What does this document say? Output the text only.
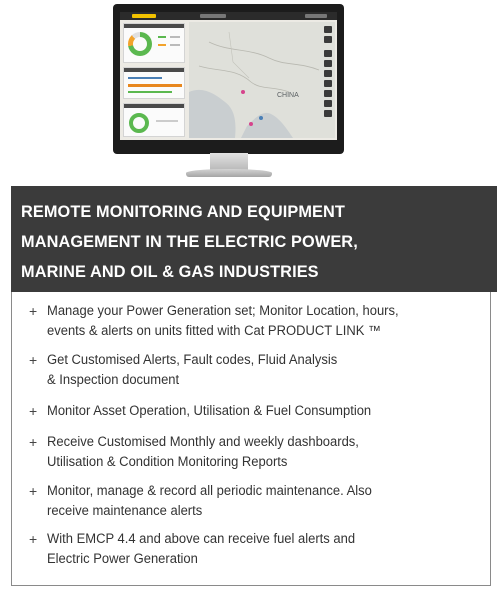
CHINA
REMOTE MONITORING AND EQUIPMENT
MANAGEMENT IN THE ELECTRIC POWER,
MARINE AND OIL & GAS INDUSTRIES
+ Manage your Power Generation set; Monitor Location, hours,
events & alerts on units fitted with Cat PRODUCT LINK ™
+ Get Customised Alerts, Fault codes, Fluid Analysis
& Inspection document
+ Monitor Asset Operation, Utilisation & Fuel Consumption
+ Receive Customised Monthly and weekly dashboards,
Utilisation & Condition Monitoring Reports
+ Monitor, manage & record all periodic maintenance. Also
receive maintenance alerts
+ With EMCP 4.4 and above can receive fuel alerts and
Electric Power Generation
